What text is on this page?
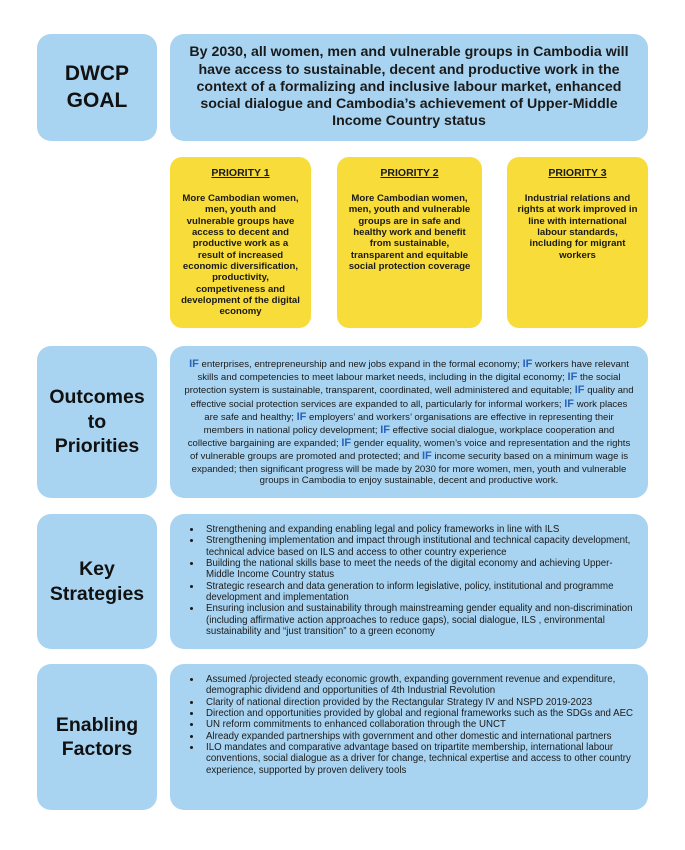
DWCP
GOAL
By 2030, all women, men and vulnerable groups in Cambodia will have access to sustainable, decent and productive work in the context of a formalizing and inclusive labour market, enhanced social dialogue and Cambodia’s achievement of Upper-Middle Income Country status
PRIORITY 1
More Cambodian women, men, youth and vulnerable groups have access to decent and productive work as a result of increased economic diversification, productivity, competiveness and development of the digital economy
PRIORITY 2
More Cambodian women, men, youth and vulnerable groups are in safe and healthy work and benefit from sustainable, transparent and equitable social protection coverage
PRIORITY 3
Industrial relations and rights at work improved in line with international labour standards, including for migrant workers
Outcomes
to
Priorities
IF enterprises, entrepreneurship and new jobs expand in the formal economy; IF workers have relevant skills and competencies to meet labour market needs, including in the digital economy; IF the social protection system is sustainable, transparent, coordinated, well administered and equitable; IF quality and effective social protection services are expanded to all, particularly for informal workers; IF work places are safe and healthy; IF employers’ and workers’ organisations are effective in representing their members in national policy development; IF effective social dialogue, workplace cooperation and collective bargaining are expanded; IF gender equality, women’s voice and representation and the rights of vulnerable groups are promoted and protected; and IF income security based on a minimum wage is expanded; then significant progress will be made by 2030 for more women, men, youth and vulnerable groups in Cambodia to enjoy sustainable, decent and productive work.
Key
Strategies
• Strengthening and expanding enabling legal and policy frameworks in line with ILS
• Strengthening implementation and impact through institutional and technical capacity development, technical advice based on ILS and access to other country experience
• Building the national skills base to meet the needs of the digital economy and achieving Upper-Middle Income Country status
• Strategic research and data generation to inform legislative, policy, institutional and programme development and implementation
• Ensuring inclusion and sustainability through mainstreaming gender equality and non-discrimination (including affirmative action approaches to reduce gaps), social dialogue, ILS , environmental sustainability and “just transition” to a green economy
Enabling
Factors
• Assumed /projected steady economic growth, expanding government revenue and expenditure, demographic dividend and opportunities of 4th Industrial Revolution
• Clarity of national direction provided by the Rectangular Strategy IV and NSPD 2019-2023
• Direction and opportunities provided by global and regional frameworks such as the SDGs and AEC
• UN reform commitments to enhanced collaboration through the UNCT
• Already expanded partnerships with government and other domestic and international partners
• ILO mandates and comparative advantage based on tripartite membership, international labour conventions, social dialogue as a driver for change, technical expertise and access to other country experience, supported by proven delivery tools
